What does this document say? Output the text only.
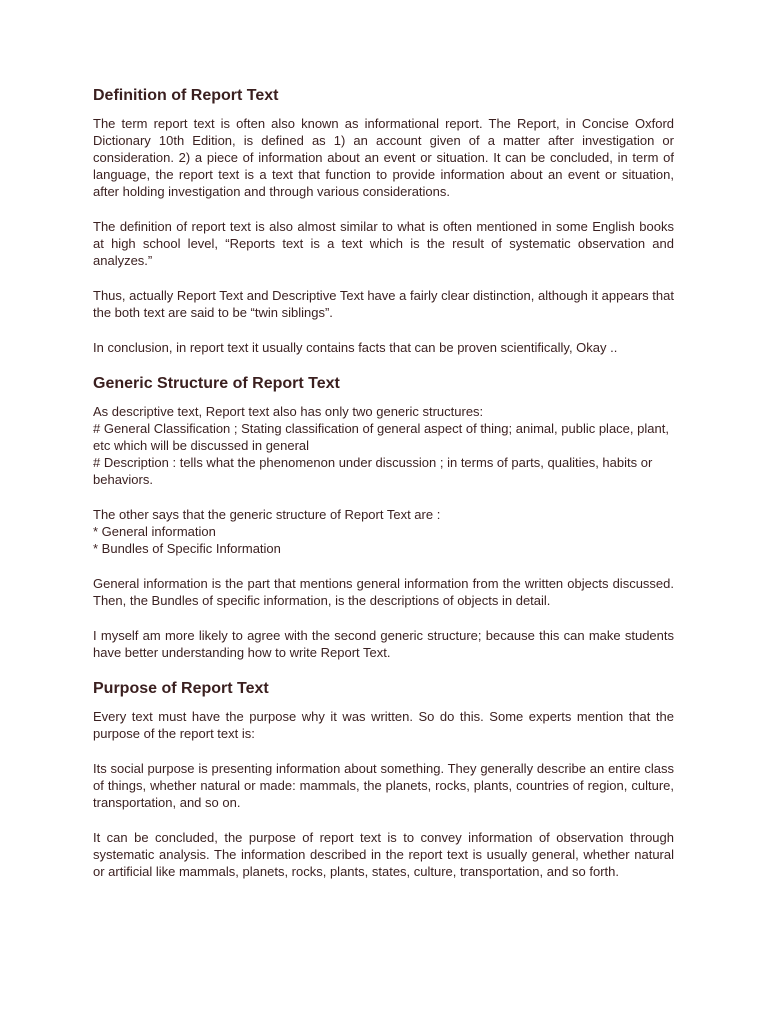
Definition of Report Text

The term report text is often also known as informational report. The Report, in Concise Oxford Dictionary 10th Edition, is defined as 1) an account given of a matter after investigation or consideration. 2) a piece of information about an event or situation. It can be concluded, in term of language, the report text is a text that function to provide information about an event or situation, after holding investigation and through various considerations.

The definition of report text is also almost similar to what is often mentioned in some English books at high school level, “Reports text is a text which is the result of systematic observation and analyzes.”

Thus, actually Report Text and Descriptive Text have a fairly clear distinction, although it appears that the both text are said to be “twin siblings”.

In conclusion, in report text it usually contains facts that can be proven scientifically, Okay ..

Generic Structure of Report Text

As descriptive text, Report text also has only two generic structures:
# General Classification ; Stating classification of general aspect of thing; animal, public place, plant, etc which will be discussed in general
# Description : tells what the phenomenon under discussion ; in terms of parts, qualities, habits or behaviors.

The other says that the generic structure of Report Text are :
* General information
* Bundles of Specific Information

General information is the part that mentions general information from the written objects discussed. Then, the Bundles of specific information, is the descriptions of objects in detail.

I myself am more likely to agree with the second generic structure; because this can make students have better understanding how to write Report Text.

Purpose of Report Text

Every text must have the purpose why it was written. So do this. Some experts mention that the purpose of the report text is:

Its social purpose is presenting information about something. They generally describe an entire class of things, whether natural or made: mammals, the planets, rocks, plants, countries of region, culture, transportation, and so on.

It can be concluded, the purpose of report text is to convey information of observation through systematic analysis. The information described in the report text is usually general, whether natural or artificial like mammals, planets, rocks, plants, states, culture, transportation, and so forth.
